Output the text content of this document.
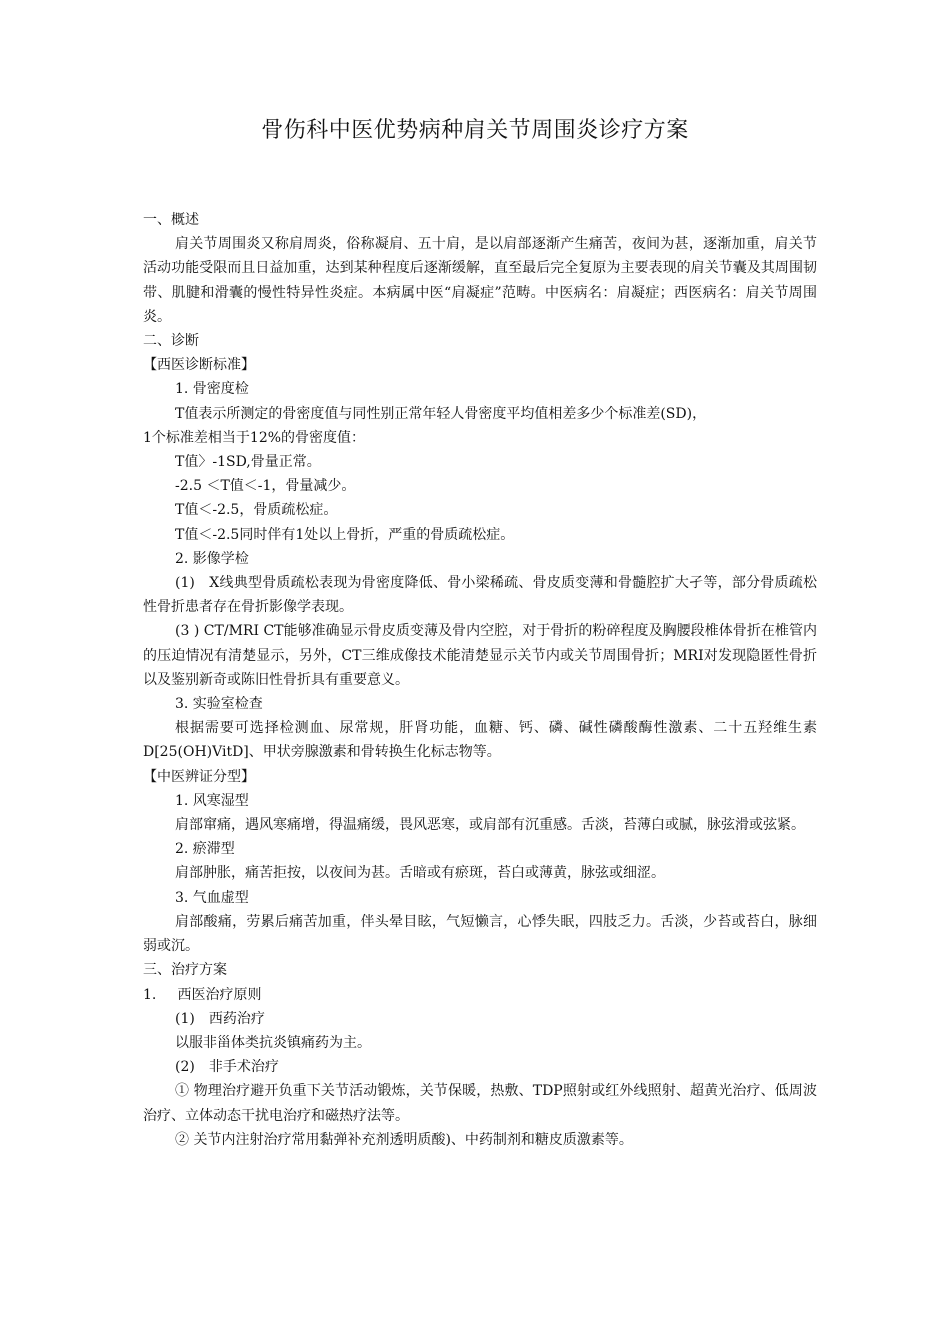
骨伤科中医优势病种肩关节周围炎诊疗方案

一、概述

肩关节周围炎又称肩周炎，俗称凝肩、五十肩，是以肩部逐渐产生痛苦，夜间为甚，逐渐加重，肩关节活动功能受限而且日益加重，达到某种程度后逐渐缓解，直至最后完全复原为主要表现的肩关节囊及其周围韧带、肌腱和滑囊的慢性特异性炎症。本病属中医“肩凝症”范畴。中医病名：肩凝症；西医病名：肩关节周围炎。

二、诊断

【西医诊断标准】

1. 骨密度检

T值表示所测定的骨密度值与同性别正常年轻人骨密度平均值相差多少个标准差(SD)，

1个标准差相当于12%的骨密度值：

T值〉-1SD,骨量正常。

-2.5 ＜T值＜-1，骨量减少。

T值＜-2.5，骨质疏松症。

T值＜-2.5同时伴有1处以上骨折，严重的骨质疏松症。

2. 影像学检

(1)　X线典型骨质疏松表现为骨密度降低、骨小梁稀疏、骨皮质变薄和骨髓腔扩大孑等，部分骨质疏松性骨折患者存在骨折影像学表现。

(3 ) CT/MRI CT能够准确显示骨皮质变薄及骨内空腔，对于骨折的粉碎程度及胸腰段椎体骨折在椎管内的压迫情况有清楚显示，另外，CT三维成像技术能清楚显示关节内或关节周围骨折；MRI对发现隐匿性骨折以及鉴别新奇或陈旧性骨折具有重要意义。

3. 实验室检查

根据需要可选择检测血、尿常规，肝肾功能，血糖、钙、磷、碱性磷酸酶性激素、二十五羟维生素D[25(OH)VitD]、甲状旁腺激素和骨转换生化标志物等。

【中医辨证分型】

1. 风寒湿型

肩部窜痛，遇风寒痛增，得温痛缓，畏风恶寒，或肩部有沉重感。舌淡，苔薄白或腻，脉弦滑或弦紧。

2. 瘀滞型

肩部肿胀，痛苦拒按，以夜间为甚。舌暗或有瘀斑，苔白或薄黄，脉弦或细涩。

3. 气血虚型

肩部酸痛，劳累后痛苦加重，伴头晕目眩，气短懒言，心悸失眠，四肢乏力。舌淡，少苔或苔白，脉细弱或沉。

三、治疗方案

1. 西医治疗原则

(1)　西药治疗

以服非甾体类抗炎镇痛药为主。

(2)　非手术治疗

① 物理治疗避开负重下关节活动锻炼，关节保暖，热敷、TDP照射或红外线照射、超黄光治疗、低周波治疗、立体动态干扰电治疗和磁热疗法等。

② 关节内注射治疗常用黏弹补充剂透明质酸)、中药制剂和糖皮质激素等。
